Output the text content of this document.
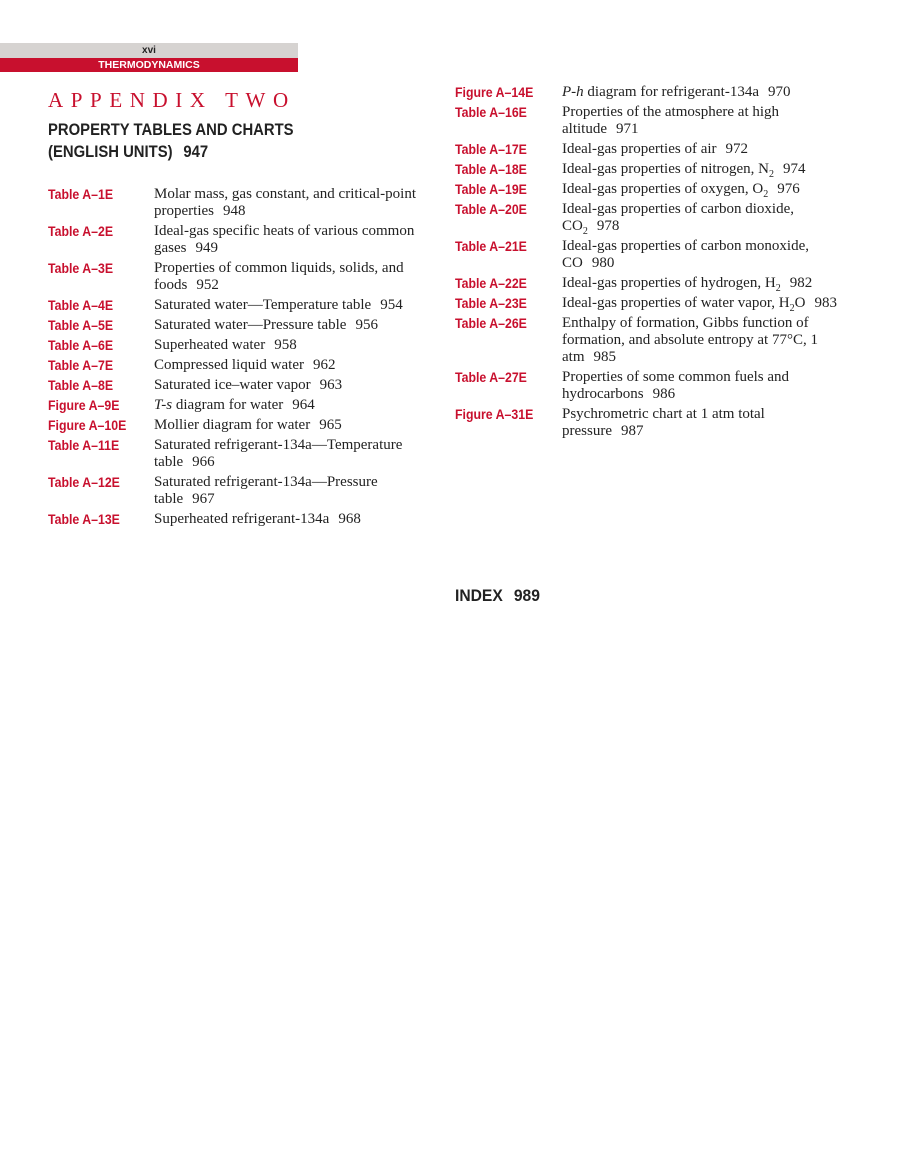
xvi
THERMODYNAMICS
APPENDIX TWO
PROPERTY TABLES AND CHARTS
(ENGLISH UNITS) 947
Table A–1E	Molar mass, gas constant, and critical-point properties 948
Table A–2E	Ideal-gas specific heats of various common gases 949
Table A–3E	Properties of common liquids, solids, and foods 952
Table A–4E	Saturated water—Temperature table 954
Table A–5E	Saturated water—Pressure table 956
Table A–6E	Superheated water 958
Table A–7E	Compressed liquid water 962
Table A–8E	Saturated ice–water vapor 963
Figure A–9E	T-s diagram for water 964
Figure A–10E	Mollier diagram for water 965
Table A–11E	Saturated refrigerant-134a—Temperature table 966
Table A–12E	Saturated refrigerant-134a—Pressure table 967
Table A–13E	Superheated refrigerant-134a 968
Figure A–14E	P-h diagram for refrigerant-134a 970
Table A–16E	Properties of the atmosphere at high altitude 971
Table A–17E	Ideal-gas properties of air 972
Table A–18E	Ideal-gas properties of nitrogen, $N_2$ 974
Table A–19E	Ideal-gas properties of oxygen, $O_2$ 976
Table A–20E	Ideal-gas properties of carbon dioxide, $CO_2$ 978
Table A–21E	Ideal-gas properties of carbon monoxide, CO 980
Table A–22E	Ideal-gas properties of hydrogen, $H_2$ 982
Table A–23E	Ideal-gas properties of water vapor, $H_2O$ 983
Table A–26E	Enthalpy of formation, Gibbs function of formation, and absolute entropy at 77°C, 1 atm 985
Table A–27E	Properties of some common fuels and hydrocarbons 986
Figure A–31E	Psychrometric chart at 1 atm total pressure 987
INDEX 989
